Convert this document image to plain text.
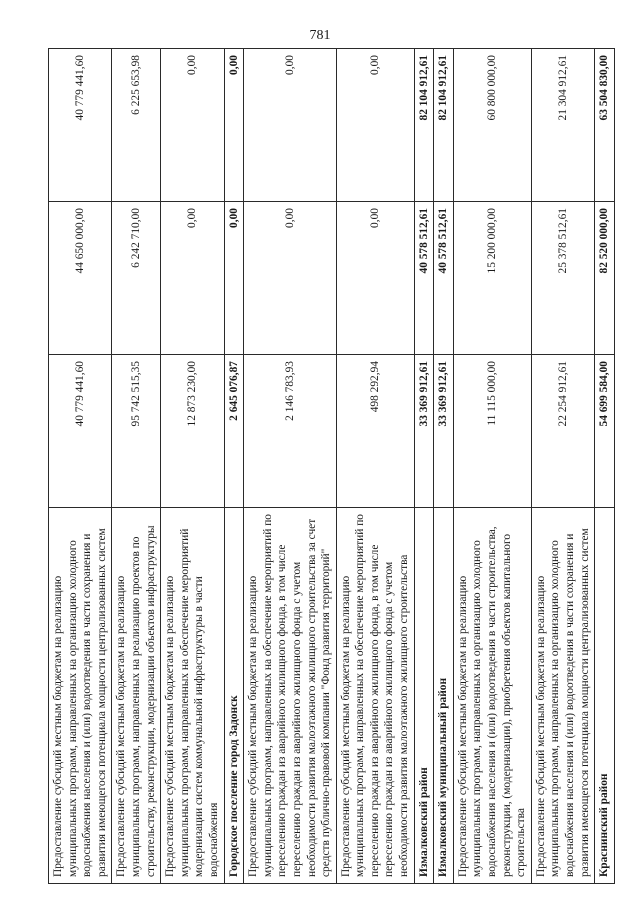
781
Предоставление субсидий местным бюджетам на реализацию муниципальных программ, направленных на организацию холодного водоснабжения населения и (или) водоотведения в части сохранения и развития имеющегося потенциала мощности централизованных систем	40 779 441,60	44 650 000,00	40 779 441,60
Предоставление субсидий местным бюджетам на реализацию муниципальных программ, направленных на реализацию проектов по строительству, реконструкции, модернизации объектов инфраструктуры	95 742 515,35	6 242 710,00	6 225 653,98
Предоставление субсидий местным бюджетам на реализацию муниципальных программ, направленных на обеспечение мероприятий модернизации систем коммунальной инфраструктуры в части водоснабжения	12 873 230,00	0,00	0,00
Городское поселение город Задонск	2 645 076,87	0,00	0,00
Предоставление субсидий местным бюджетам на реализацию муниципальных программ, направленных на обеспечение мероприятий по переселению граждан из аварийного жилищного фонда, в том числе переселению граждан из аварийного жилищного фонда с учетом необходимости развития малоэтажного жилищного строительства за счет средств публично-правовой компании "Фонд развития территорий"	2 146 783,93	0,00	0,00
Предоставление субсидий местным бюджетам на реализацию муниципальных программ, направленных на обеспечение мероприятий по переселению граждан из аварийного жилищного фонда, в том числе переселению граждан из аварийного жилищного фонда с учетом необходимости развития малоэтажного жилищного строительства	498 292,94	0,00	0,00
Измалковский район	33 369 912,61	40 578 512,61	82 104 912,61
Измалковский муниципальный район	33 369 912,61	40 578 512,61	82 104 912,61
Предоставление субсидий местным бюджетам на реализацию муниципальных программ, направленных на организацию холодного водоснабжения населения и (или) водоотведения в части строительства, реконструкции, (модернизации), приобретения объектов капитального строительства	11 115 000,00	15 200 000,00	60 800 000,00
Предоставление субсидий местным бюджетам на реализацию муниципальных программ, направленных на организацию холодного водоснабжения населения и (или) водоотведения в части сохранения и развития имеющегося потенциала мощности централизованных систем	22 254 912,61	25 378 512,61	21 304 912,61
Краснинский район	54 699 584,00	82 520 000,00	63 504 830,00
